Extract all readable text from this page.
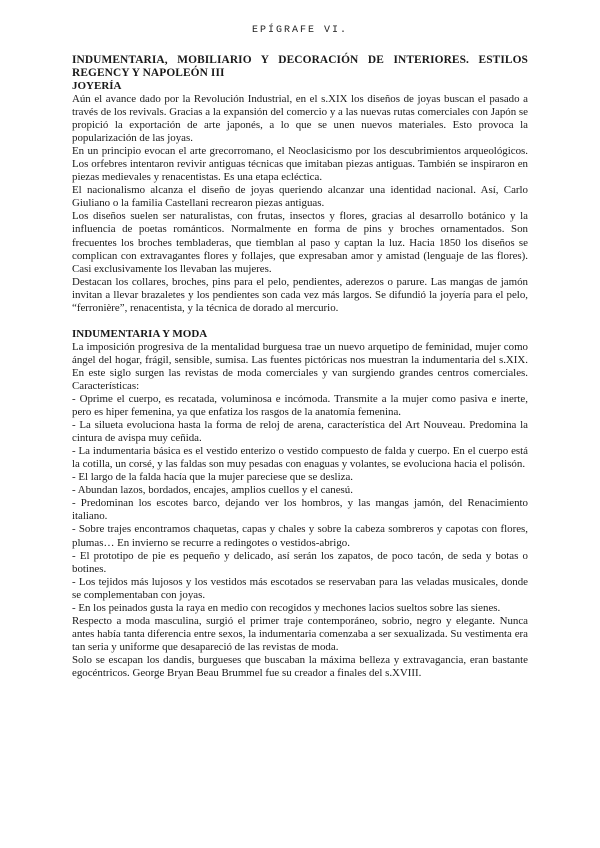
EPÍGRAFE VI.
INDUMENTARIA, MOBILIARIO Y DECORACIÓN DE INTERIORES. ESTILOS REGENCY Y NAPOLEÓN III
JOYERÍA

Aún el avance dado por la Revolución Industrial, en el s.XIX los diseños de joyas buscan el pasado a través de los revivals. Gracias a la expansión del comercio y a las nuevas rutas comerciales con Japón se propició la exportación de arte japonés, a lo que se unen nuevos materiales. Esto provoca la popularización de las joyas.

En un principio evocan el arte grecorromano, el Neoclasicismo por los descubrimientos arqueológicos. Los orfebres intentaron revivir antiguas técnicas que imitaban piezas antiguas. También se inspiraron en piezas medievales y renacentistas. Es una etapa ecléctica.

El nacionalismo alcanza el diseño de joyas queriendo alcanzar una identidad nacional. Así, Carlo Giuliano o la familia Castellani recrearon piezas antiguas.

Los diseños suelen ser naturalistas, con frutas, insectos y flores, gracias al desarrollo botánico y la influencia de poetas románticos. Normalmente en forma de pins y broches ornamentados. Son frecuentes los broches tembladeras, que tiemblan al paso y captan la luz. Hacia 1850 los diseños se complican con extravagantes flores y follajes, que expresaban amor y amistad (lenguaje de las flores). Casi exclusivamente los llevaban las mujeres.

Destacan los collares, broches, pins para el pelo, pendientes, aderezos o parure. Las mangas de jamón invitan a llevar brazaletes y los pendientes son cada vez más largos. Se difundió la joyería para el pelo, “ferronière”, renacentista, y la técnica de dorado al mercurio.

INDUMENTARIA Y MODA

La imposición progresiva de la mentalidad burguesa trae un nuevo arquetipo de feminidad, mujer como ángel del hogar, frágil, sensible, sumisa. Las fuentes pictóricas nos muestran la indumentaria del s.XIX. En este siglo surgen las revistas de moda comerciales y van surgiendo grandes centros comerciales. Características:

- Oprime el cuerpo, es recatada, voluminosa e incómoda. Transmite a la mujer como pasiva e inerte, pero es hiper femenina, ya que enfatiza los rasgos de la anatomía femenina.

- La silueta evoluciona hasta la forma de reloj de arena, característica del Art Nouveau. Predomina la cintura de avispa muy ceñida.

- La indumentaria básica es el vestido enterizo o vestido compuesto de falda y cuerpo. En el cuerpo está la cotilla, un corsé, y las faldas son muy pesadas con enaguas y volantes, se evoluciona hacia el polisón.

- El largo de la falda hacía que la mujer pareciese que se desliza.

- Abundan lazos, bordados, encajes, amplios cuellos y el canesú.

- Predominan los escotes barco, dejando ver los hombros, y las mangas jamón, del Renacimiento italiano.

- Sobre trajes encontramos chaquetas, capas y chales y sobre la cabeza sombreros y capotas con flores, plumas… En invierno se recurre a redingotes o vestidos-abrigo.

- El prototipo de pie es pequeño y delicado, así serán los zapatos, de poco tacón, de seda y botas o botines.

- Los tejidos más lujosos y los vestidos más escotados se reservaban para las veladas musicales, donde se complementaban con joyas.

- En los peinados gusta la raya en medio con recogidos y mechones lacios sueltos sobre las sienes.

Respecto a moda masculina, surgió el primer traje contemporáneo, sobrio, negro y elegante. Nunca antes había tanta diferencia entre sexos, la indumentaria comenzaba a ser sexualizada. Su vestimenta era tan seria y uniforme que desapareció de las revistas de moda.

Solo se escapan los dandis, burgueses que buscaban la máxima belleza y extravagancia, eran bastante egocéntricos. George Bryan Beau Brummel fue su creador a finales del s.XVIII.
